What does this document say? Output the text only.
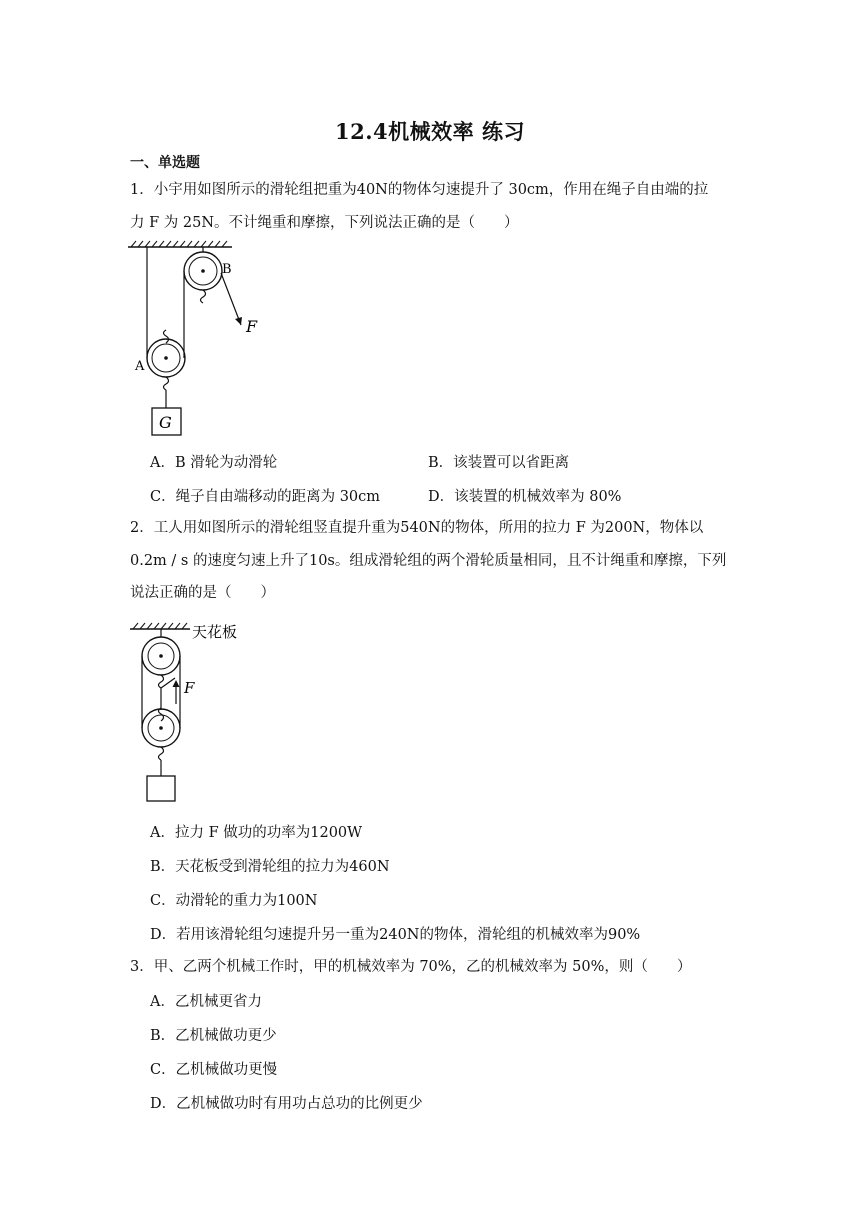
12.4机械效率 练习
一、单选题
1．小宇用如图所示的滑轮组把重为40N的物体匀速提升了 30cm，作用在绳子自由端的拉
力 F 为 25N。不计绳重和摩擦，下列说法正确的是（　　）
B
F
A
G
A．B 滑轮为动滑轮	B．该装置可以省距离
C．绳子自由端移动的距离为 30cm	D．该装置的机械效率为 80%
2．工人用如图所示的滑轮组竖直提升重为540N的物体，所用的拉力 F 为200N，物体以
0.2m / s 的速度匀速上升了10s。组成滑轮组的两个滑轮质量相同，且不计绳重和摩擦，下列
说法正确的是（　　）
天花板
F
A．拉力 F 做功的功率为1200W
B．天花板受到滑轮组的拉力为460N
C．动滑轮的重力为100N
D．若用该滑轮组匀速提升另一重为240N的物体，滑轮组的机械效率为90%
3．甲、乙两个机械工作时，甲的机械效率为 70%，乙的机械效率为 50%，则（　　）
A．乙机械更省力
B．乙机械做功更少
C．乙机械做功更慢
D．乙机械做功时有用功占总功的比例更少
